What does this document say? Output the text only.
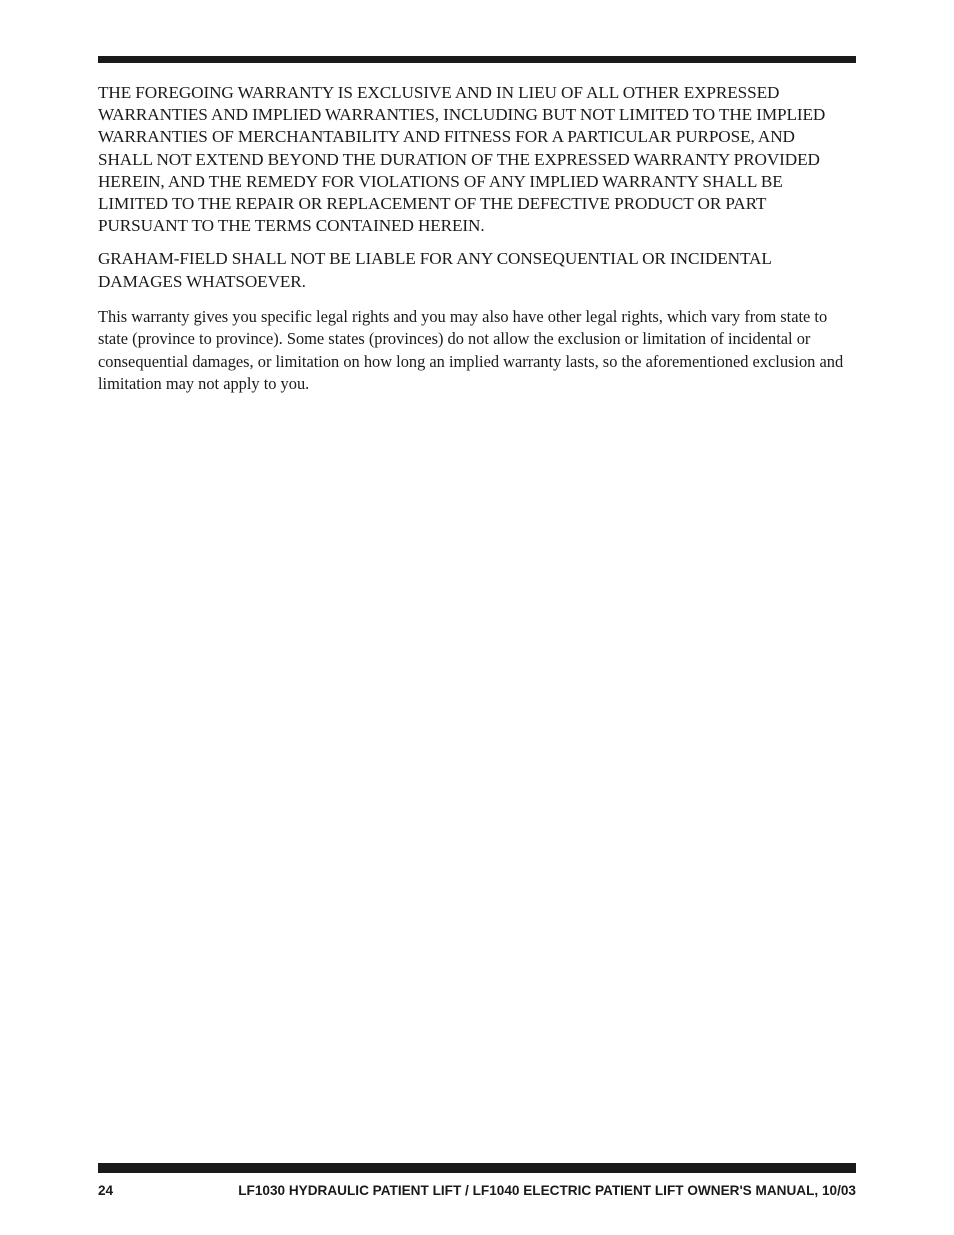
THE FOREGOING WARRANTY IS EXCLUSIVE AND IN LIEU OF ALL OTHER EXPRESSED WARRANTIES AND IMPLIED WARRANTIES, INCLUDING BUT NOT LIMITED TO THE IMPLIED WARRANTIES OF MERCHANTABILITY AND FITNESS FOR A PARTICULAR PURPOSE, AND SHALL NOT EXTEND BEYOND THE DURATION OF THE EXPRESSED WARRANTY PROVIDED HEREIN, AND THE REMEDY FOR VIOLATIONS OF ANY IMPLIED WARRANTY SHALL BE LIMITED TO THE REPAIR OR REPLACEMENT OF THE DEFECTIVE PRODUCT OR PART PURSUANT TO THE TERMS CONTAINED HEREIN.

GRAHAM-FIELD SHALL NOT BE LIABLE FOR ANY CONSEQUENTIAL OR INCIDENTAL DAMAGES WHATSOEVER.

This warranty gives you specific legal rights and you may also have other legal rights, which vary from state to state (province to province). Some states (provinces) do not allow the exclusion or limitation of incidental or consequential damages, or limitation on how long an implied warranty lasts, so the aforementioned exclusion and limitation may not apply to you.

24	LF1030 HYDRAULIC PATIENT LIFT / LF1040 ELECTRIC PATIENT LIFT OWNER'S MANUAL, 10/03
